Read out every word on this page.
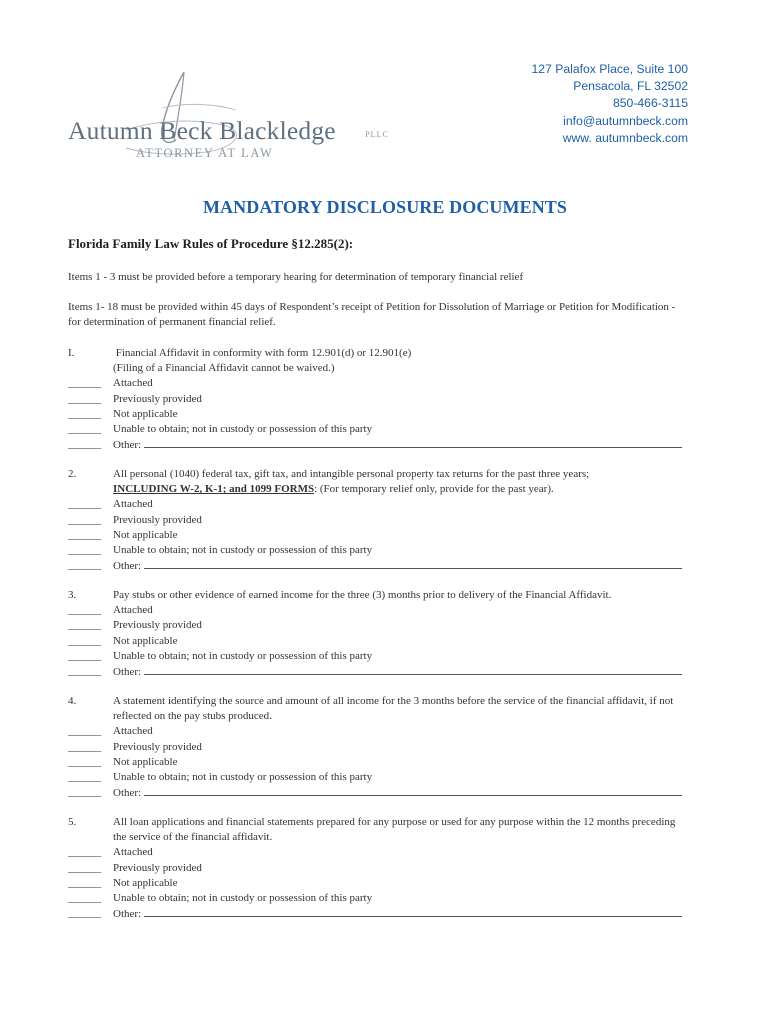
Autumn Beck Blackledge	PLLC
ATTORNEY AT LAW
127 Palafox Place, Suite 100
Pensacola, FL 32502
850-466-3115
info@autumnbeck.com
www. autumnbeck.com
MANDATORY DISCLOSURE DOCUMENTS
Florida Family Law Rules of Procedure §12.285(2):
Items 1 - 3 must be provided before a temporary hearing for determination of temporary financial relief
Items 1- 18 must be provided within 45 days of Respondent’s receipt of Petition for Dissolution of Marriage or Petition for Modification - for determination of permanent financial relief.
I.	Financial Affidavit in conformity with form 12.901(d) or 12.901(e)
(Filing of a Financial Affidavit cannot be waived.)
______	Attached
______	Previously provided
______	Not applicable
______	Unable to obtain; not in custody or possession of this party
______	Other:
2.	All personal (1040) federal tax, gift tax, and intangible personal property tax returns for the past three years;
INCLUDING W-2, K-1; and 1099 FORMS: (For temporary relief only, provide for the past year).
______	Attached
______	Previously provided
______	Not applicable
______	Unable to obtain; not in custody or possession of this party
______	Other:
3.	Pay stubs or other evidence of earned income for the three (3) months prior to delivery of the Financial Affidavit.
______	Attached
______	Previously provided
______	Not applicable
______	Unable to obtain; not in custody or possession of this party
______	Other:
4.	A statement identifying the source and amount of all income for the 3 months before the service of the financial affidavit, if not reflected on the pay stubs produced.
______	Attached
______	Previously provided
______	Not applicable
______	Unable to obtain; not in custody or possession of this party
______	Other:
5.	All loan applications and financial statements prepared for any purpose or used for any purpose within the 12 months preceding the service of the financial affidavit.
______	Attached
______	Previously provided
______	Not applicable
______	Unable to obtain; not in custody or possession of this party
______	Other:
